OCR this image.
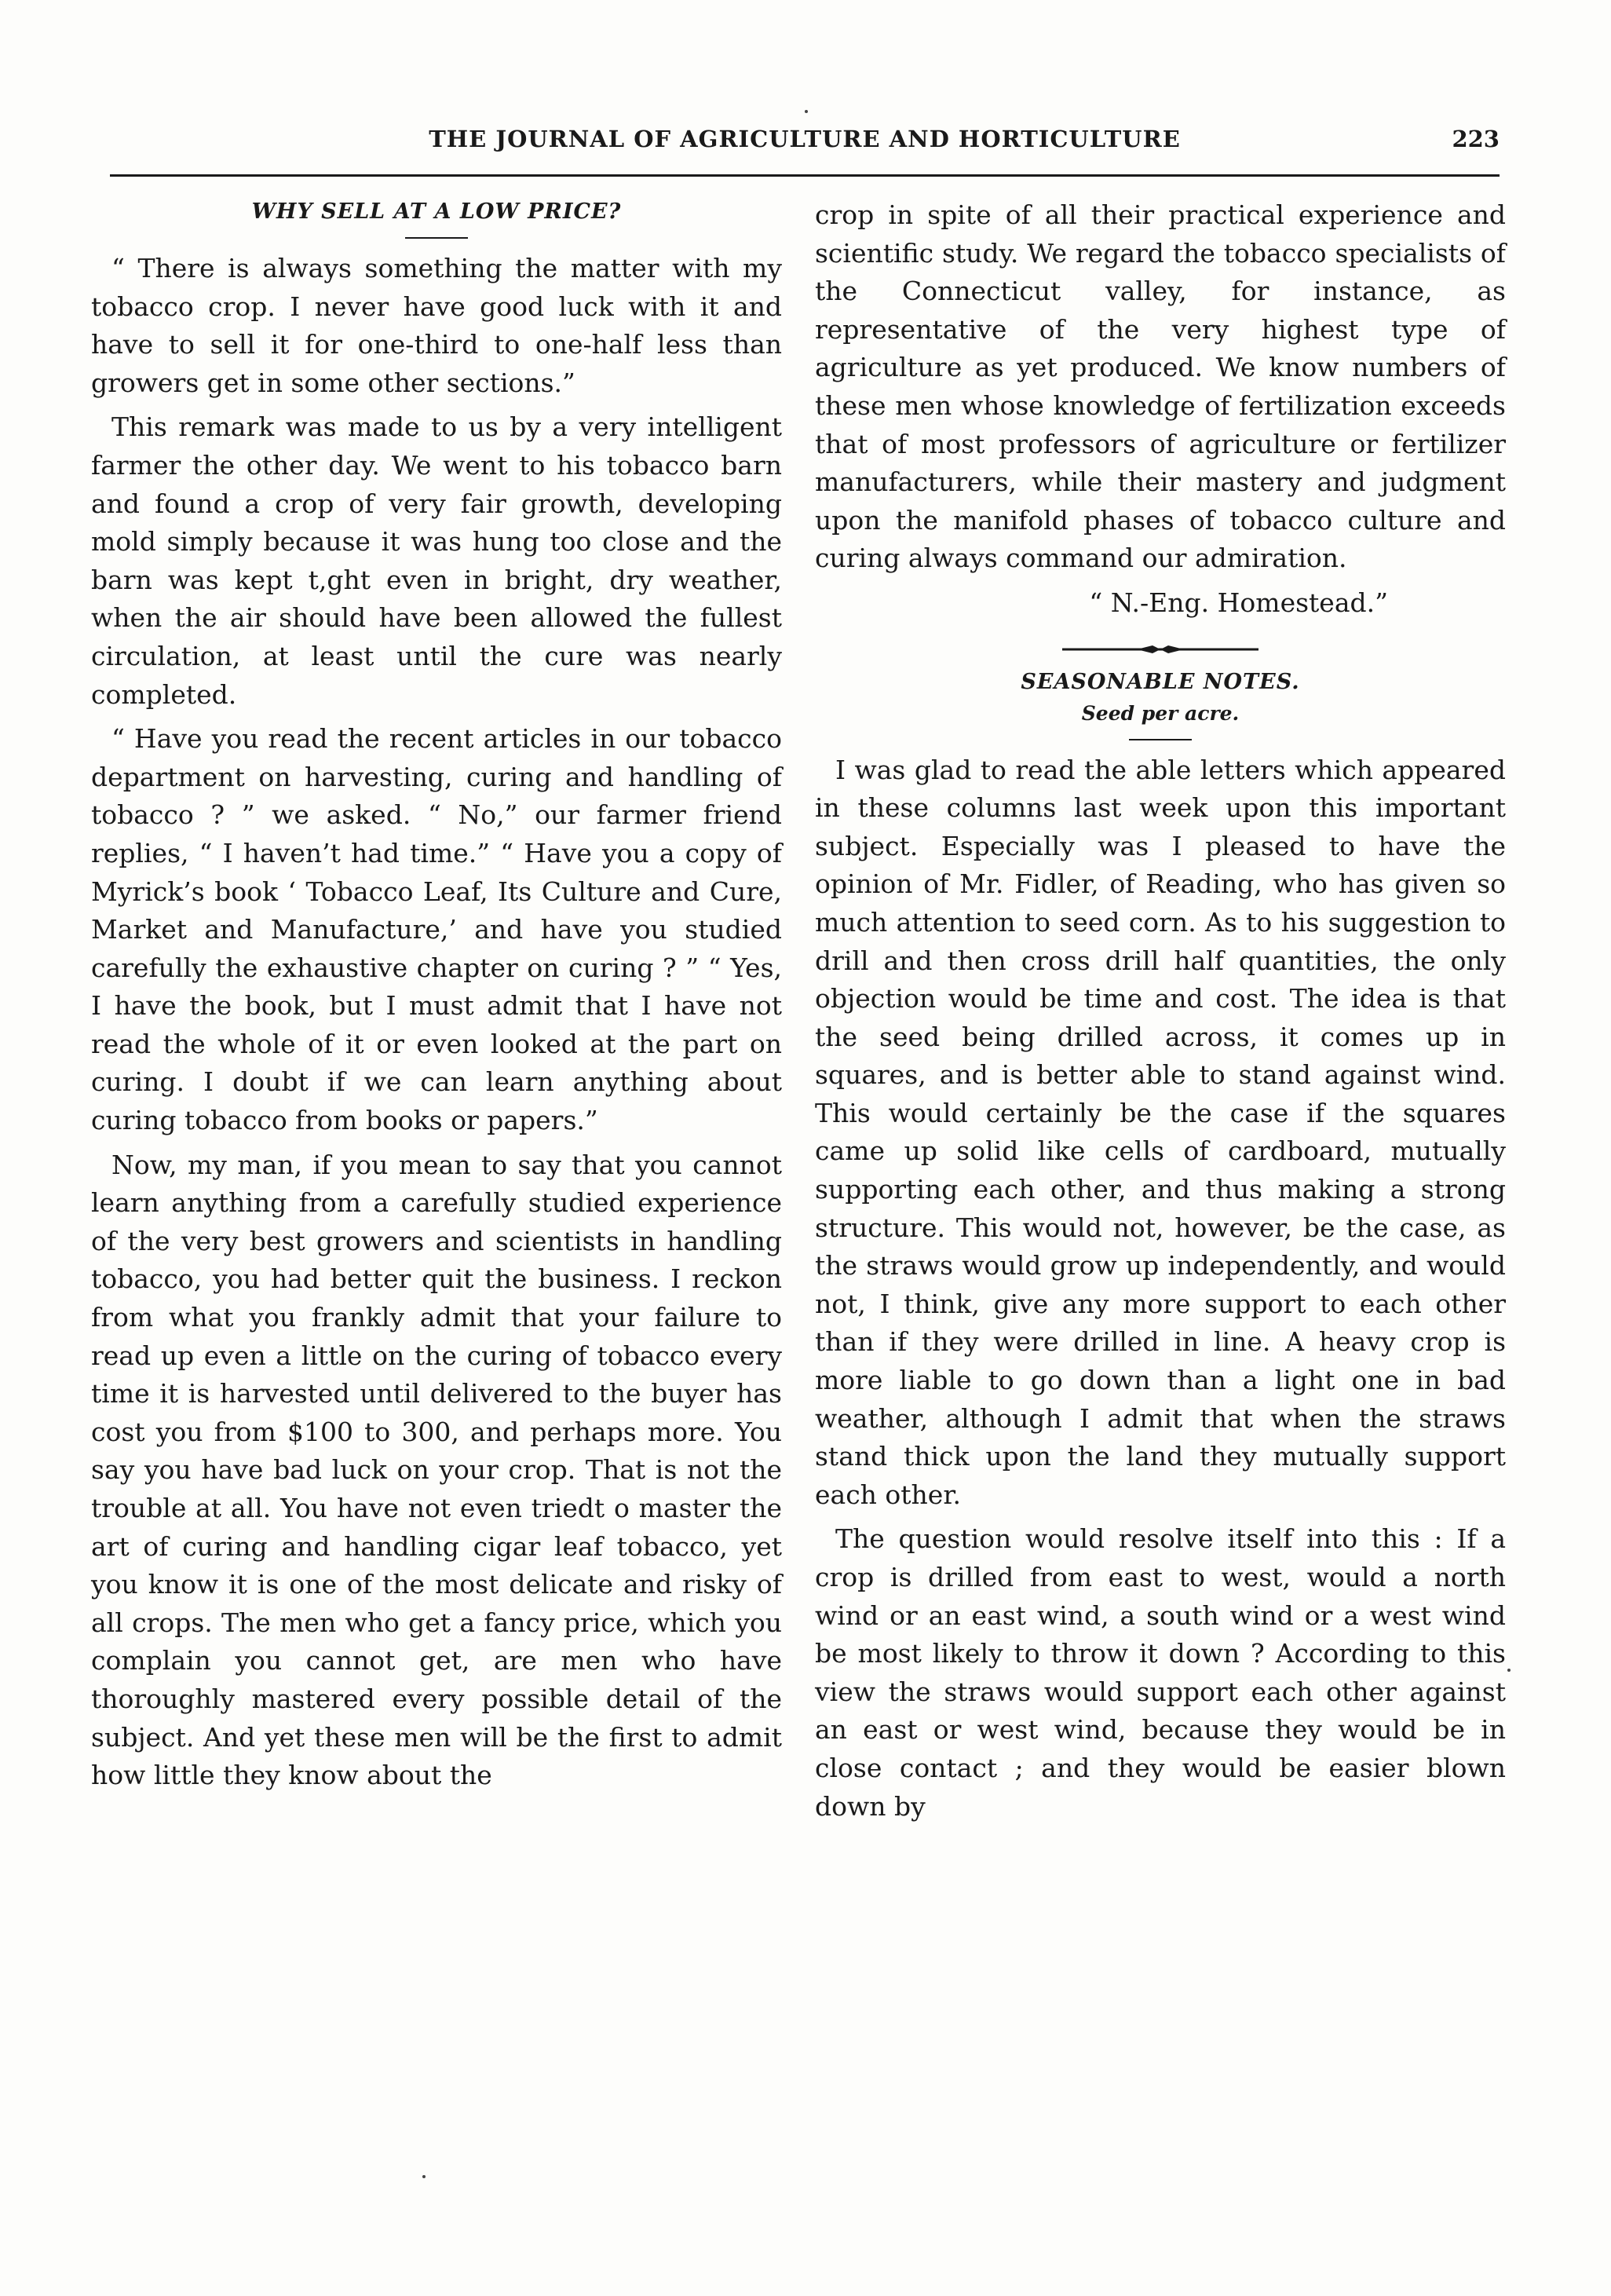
THE JOURNAL OF AGRICULTURE AND HORTICULTURE	223
WHY SELL AT A LOW PRICE?

“ There is always something the matter with my tobacco crop. I never have good luck with it and have to sell it for one-third to one-half less than growers get in some other sections.”

This remark was made to us by a very intelligent farmer the other day. We went to his tobacco barn and found a crop of very fair growth, developing mold simply because it was hung too close and the barn was kept t,ght even in bright, dry weather, when the air should have been allowed the fullest circulation, at least until the cure was nearly completed.

“ Have you read the recent articles in our tobacco department on harvesting, curing and handling of tobacco ? ” we asked. “ No,” our farmer friend replies, “ I haven’t had time.” “ Have you a copy of Myrick’s book ‘ Tobacco Leaf, Its Culture and Cure, Market and Manufacture,’ and have you studied carefully the exhaustive chapter on curing ? ” “ Yes, I have the book, but I must admit that I have not read the whole of it or even looked at the part on curing. I doubt if we can learn anything about curing tobacco from books or papers.”

Now, my man, if you mean to say that you cannot learn anything from a carefully studied experience of the very best growers and scientists in handling tobacco, you had better quit the business. I reckon from what you frankly admit that your failure to read up even a little on the curing of tobacco every time it is harvested until delivered to the buyer has cost you from $100 to 300, and perhaps more. You say you have bad luck on your crop. That is not the trouble at all. You have not even triedt o master the art of curing and handling cigar leaf tobacco, yet you know it is one of the most delicate and risky of all crops. The men who get a fancy price, which you complain you cannot get, are men who have thoroughly mastered every possible detail of the subject. And yet these men will be the first to admit how little they know about the

crop in spite of all their practical experience and scientific study. We regard the tobacco specialists of the Connecticut valley, for instance, as representative of the very highest type of agriculture as yet produced. We know numbers of these men whose knowledge of fertilization exceeds that of most professors of agriculture or fertilizer manufacturers, while their mastery and judgment upon the manifold phases of tobacco culture and curing always command our admiration.

“ N.-Eng. Homestead.”

SEASONABLE NOTES.

Seed per acre.

I was glad to read the able letters which appeared in these columns last week upon this important subject. Especially was I pleased to have the opinion of Mr. Fidler, of Reading, who has given so much attention to seed corn. As to his suggestion to drill and then cross drill half quantities, the only objection would be time and cost. The idea is that the seed being drilled across, it comes up in squares, and is better able to stand against wind. This would certainly be the case if the squares came up solid like cells of cardboard, mutually supporting each other, and thus making a strong structure. This would not, however, be the case, as the straws would grow up independently, and would not, I think, give any more support to each other than if they were drilled in line. A heavy crop is more liable to go down than a light one in bad weather, although I admit that when the straws stand thick upon the land they mutually support each other.

The question would resolve itself into this : If a crop is drilled from east to west, would a north wind or an east wind, a south wind or a west wind be most likely to throw it down ? According to this view the straws would support each other against an east or west wind, because they would be in close contact ; and they would be easier blown down by
